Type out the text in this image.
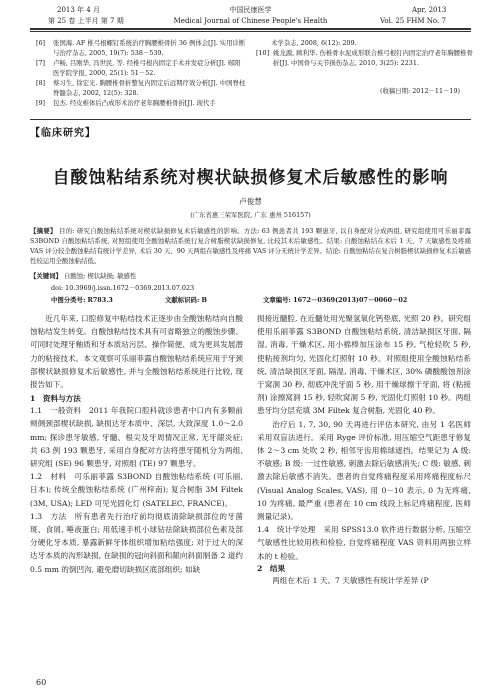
2013 年 4 月
第 25 卷 上半月 第 7 期
中国民康医学
Medical Journal of Chinese People's Health
Apr, 2013
Vol. 25 FHM No. 7
[6]	张国海. AF 椎弓根螺钉系统治疗胸腰椎骨折 36 例体会[J]. 实用诊断与治疗杂志, 2005, 19(7): 538－539.
[7]	卢畅, 吕刚华, 冯世民, 等. 经椎弓根内固定手术并发症分析[J]. 郧阳医学院学报, 2000, 25(1): 51－52.
[8]	蔡习生, 徐宏光. 胸腰椎骨折整复内固定后远期疗效分析[J]. 中国脊柱脊髓杂志, 2002, 12(5): 328.
[9]	包杰. 经皮椎体后凸成形术治疗老年胸腰椎骨折[J]. 现代手
术学杂志, 2008, 6(12): 209.
[10] 姚龙源, 顾利华. 伤椎骨水泥成形联合椎弓根钉内固定治疗老年胸腰椎骨折[J]. 中国骨与关节损伤杂志, 2010, 3(25): 2231.
(收稿日期: 2012－11－19)
【临床研究】
自酸蚀粘结系统对楔状缺损修复术后敏感性的影响
卢俊慧
(广东省惠三荣军医院, 广东 惠州 516157)
【摘要】 目的: 研究自酸蚀粘结系统对楔状缺损修复术后敏感性的影响。方法: 63 例患者共 193 颗患牙, 以自身配对分成两组, 研究组使用可乐丽菲露 S3BOND 自酸蚀粘结系统, 对照组使用全酸蚀粘结系统行复合树脂楔状缺损修复, 比较其术后敏感性。结果: 自酸蚀粘结在术后 1 天、7 天敏感性及疼痛 VAS 评分较全酸蚀粘结有统计学差异, 术后 30 天、90 天两组在敏感性及疼痛 VAS 评分无统计学差异。结论: 自酸蚀粘结在复合树脂楔状缺损修复术后敏感性较运用全酸蚀粘结低。
【关键词】 自酸蚀; 楔状缺损; 敏感性
doi: 10.3969/j.issn.1672－0369.2013.07.023
中图分类号: R783.3	文献标识码: B	文章编号: 1672－0369(2013)07－0060－02

近几年来, 口腔修复中粘结技术正逐步由全酸蚀粘结向自酸蚀粘结发生转变。自酸蚀粘结技术具有可省略独立的酸蚀步骤、可同时处理牙釉质和牙本质玷污层、操作简便、成为更具发展潜力的粘接技术。本文观察可乐丽菲露自酸蚀粘结系统应用于牙颈部楔状缺损修复术后敏感性, 并与全酸蚀粘结系统进行比较, 现报告如下。

1　资料与方法

1.1　一般资料　2011 年我院口腔科就诊患者中口内有多颗前颊侧颈部楔状缺损, 缺损达牙本质中、深层, 大致深度 1.0～2.0 mm; 探诊患牙敏感, 牙髓、根尖及牙周情况正常, 无牙龈炎症; 共 63 例 193 颗患牙, 采用自身配对方法将患牙随机分为两组, 研究组 (SE) 96 颗患牙, 对照组 (TE) 97 颗患牙。

1.2　材料　可乐丽菲露 S3BOND 自酸蚀粘结系统 (可乐丽, 日本); 传统全酸蚀粘结系统 (广州梓南); 复合树脂 3M Filtek (3M, USA); LED 可见光固化灯 (SATELEC, FRANCE)。

1.3　方法　所有患者先行治疗前均彻底清除缺损部位的牙菌斑、食屑, 唾液蛋白; 用低速手机小球钻祛除缺损部位色素及部分硬化牙本质, 暴露新鲜牙体组织增加粘结强度; 对于过大的深达牙本质的沟形缺损, 在缺损的冠向斜面和龈向斜面制备 2 道约 0.5 mm 的倒凹沟, 避免磨切缺损区底部组织; 如缺

60

损接近髓腔, 在近髓处用光聚氢氧化钙垫底, 光照 20 秒。研究组使用乐丽菲露 S3BOND 自酸蚀粘结系统, 清洁缺损区牙面, 隔湿, 消毒, 干燥术区, 用小棉棒加压涂布 15 秒, 气枪轻吹 5 秒, 使粘接剂均匀, 光固化灯照射 10 秒。对照组使用全酸蚀粘结系统, 清洁缺损区牙面, 隔湿, 消毒, 干燥术区, 30% 磷酸酸蚀剂涂于窝洞 30 秒, 彻底冲洗牙面 5 秒, 用干燥球擦干牙面, 将 (粘接剂) 涂擦窝洞 15 秒, 轻吹窝洞 5 秒, 光固化灯照射 10 秒。两组患牙均分层充填 3M Filtek 复合树脂, 光固化 40 秒。

治疗后 1, 7, 30, 90 天再进行评估本研究, 由另 1 名医师采用双盲法进行。采用 Ryge 评价标准, 用压缩空气距患牙修复体 2～3 cm 处吹 2 秒, 相邻牙齿用棉球遮挡。结果记为 A 级: 不敏感; B 级: 一过性敏感, 刺激去除后敏感消失; C 级: 敏感, 刺激去除后敏感不消失。患者的自觉疼痛程度采用疼痛程度标尺 (Visual Analog Scales, VAS), 用 0－10 表示, 0 为无疼痛, 10 为疼痛, 最严重 (患者在 10 cm 线段上标记疼痛程度, 医师测量记录)。

1.4　统计学处理　采用 SPSS13.0 软件进行数据分析, 压缩空气敏感性比较用秩和检验, 自觉疼痛程度 VAS 资料用两独立样本的 t 检验。

2　结果

两组在术后 1 天、7 天敏感性有统计学差异 (P
